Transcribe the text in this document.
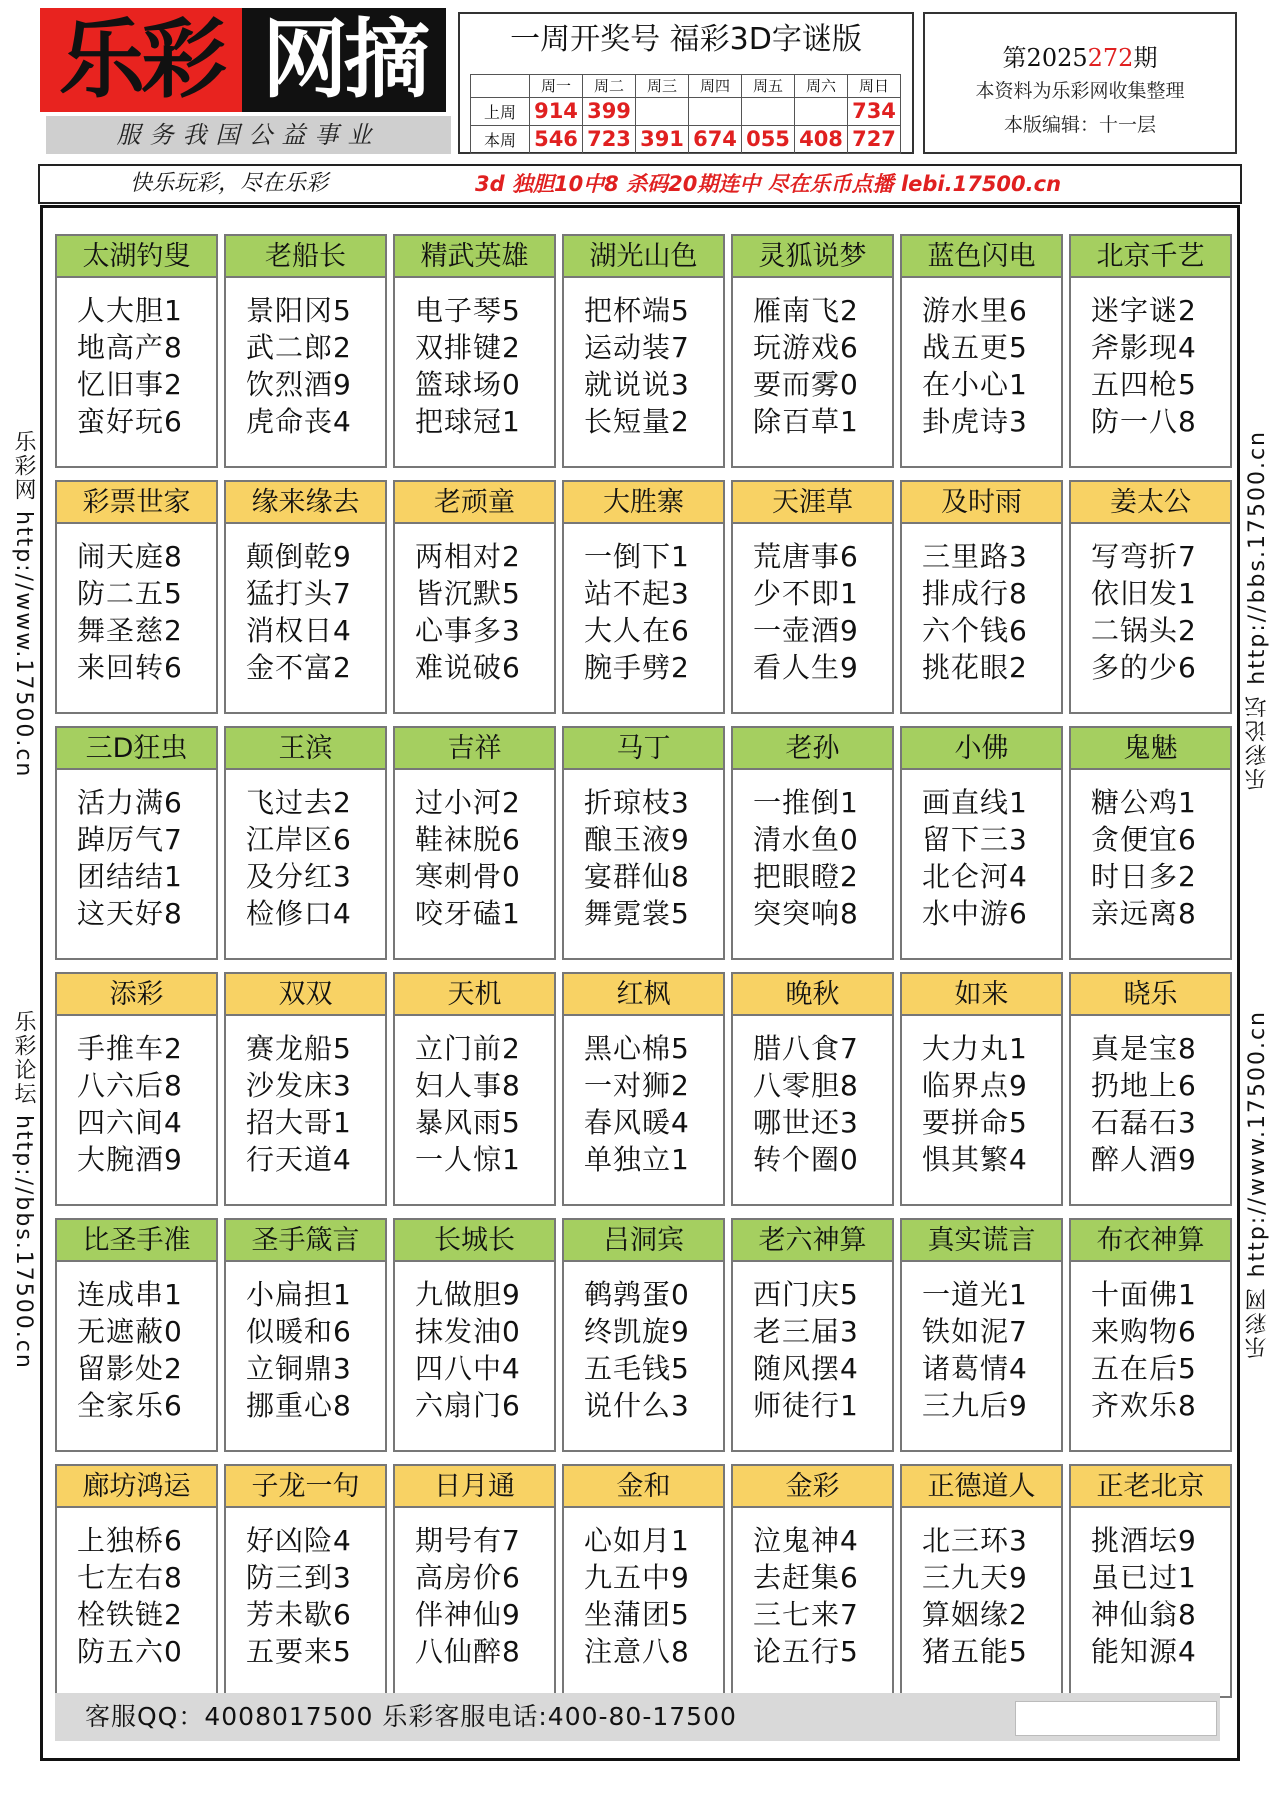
乐彩 网摘
服务我国公益事业
一周开奖号 福彩3D字谜版
	周一	周二	周三	周四	周五	周六	周日
上周	914	399					734
本周	546	723	391	674	055	408	727
第2025272期
本资料为乐彩网收集整理
本版编辑：十一层
快乐玩彩，尽在乐彩	3d 独胆10中8 杀码20期连中 尽在乐币点播 lebi.17500.cn
乐彩网 http://www.17500.cn
乐彩论坛 http://bbs.17500.cn
乐彩论坛 http://bbs.17500.cn
乐彩网 http://www.17500.cn
太湖钓叟
人大胆1
地高产8
忆旧事2
蛮好玩6
老船长
景阳冈5
武二郎2
饮烈酒9
虎命丧4
精武英雄
电子琴5
双排键2
篮球场0
把球冠1
湖光山色
把杯端5
运动装7
就说说3
长短量2
灵狐说梦
雁南飞2
玩游戏6
要而雾0
除百草1
蓝色闪电
游水里6
战五更5
在小心1
卦虎诗3
北京千艺
迷字谜2
斧影现4
五四枪5
防一八8
彩票世家
闹天庭8
防二五5
舞圣慈2
来回转6
缘来缘去
颠倒乾9
猛打头7
消权日4
金不富2
老顽童
两相对2
皆沉默5
心事多3
难说破6
大胜寨
一倒下1
站不起3
大人在6
腕手劈2
天涯草
荒唐事6
少不即1
一壶酒9
看人生9
及时雨
三里路3
排成行8
六个钱6
挑花眼2
姜太公
写弯折7
依旧发1
二锅头2
多的少6
三D狂虫
活力满6
踔厉气7
团结结1
这天好8
王滨
飞过去2
江岸区6
及分红3
检修口4
吉祥
过小河2
鞋袜脱6
寒刺骨0
咬牙磕1
马丁
折琼枝3
酿玉液9
宴群仙8
舞霓裳5
老孙
一推倒1
清水鱼0
把眼瞪2
突突响8
小佛
画直线1
留下三3
北仑河4
水中游6
鬼魅
糖公鸡1
贪便宜6
时日多2
亲远离8
添彩
手推车2
八六后8
四六间4
大腕酒9
双双
赛龙船5
沙发床3
招大哥1
行天道4
天机
立门前2
妇人事8
暴风雨5
一人惊1
红枫
黑心棉5
一对狮2
春风暖4
单独立1
晚秋
腊八食7
八零胆8
哪世还3
转个圈0
如来
大力丸1
临界点9
要拼命5
惧其繁4
晓乐
真是宝8
扔地上6
石磊石3
醉人酒9
比圣手准
连成串1
无遮蔽0
留影处2
全家乐6
圣手箴言
小扁担1
似暖和6
立铜鼎3
挪重心8
长城长
九做胆9
抹发油0
四八中4
六扇门6
吕洞宾
鹌鹑蛋0
终凯旋9
五毛钱5
说什么3
老六神算
西门庆5
老三届3
随风摆4
师徒行1
真实谎言
一道光1
铁如泥7
诸葛情4
三九后9
布衣神算
十面佛1
来购物6
五在后5
齐欢乐8
廊坊鸿运
上独桥6
七左右8
栓铁链2
防五六0
子龙一句
好凶险4
防三到3
芳未歇6
五要来5
日月通
期号有7
高房价6
伴神仙9
八仙醉8
金和
心如月1
九五中9
坐蒲团5
注意八8
金彩
泣鬼神4
去赶集6
三七来7
论五行5
正德道人
北三环3
三九天9
算姻缘2
猪五能5
正老北京
挑酒坛9
虽已过1
神仙翁8
能知源4
客服QQ：4008017500 乐彩客服电话:400-80-17500
